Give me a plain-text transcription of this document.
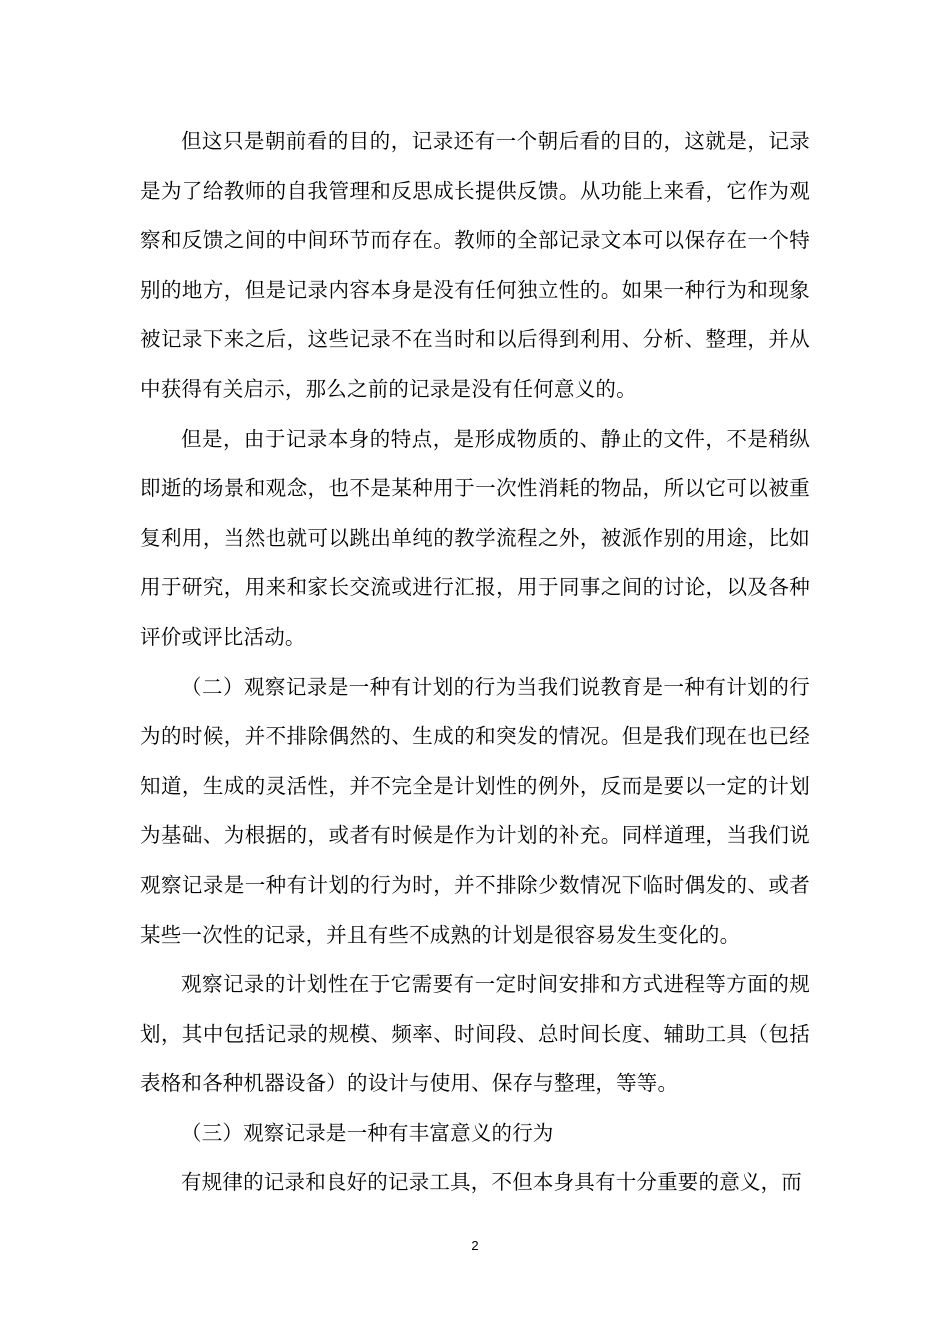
但这只是朝前看的目的，记录还有一个朝后看的目的，这就是，记录是为了给教师的自我管理和反思成长提供反馈。从功能上来看，它作为观察和反馈之间的中间环节而存在。教师的全部记录文本可以保存在一个特别的地方，但是记录内容本身是没有任何独立性的。如果一种行为和现象被记录下来之后，这些记录不在当时和以后得到利用、分析、整理，并从中获得有关启示，那么之前的记录是没有任何意义的。

但是，由于记录本身的特点，是形成物质的、静止的文件，不是稍纵即逝的场景和观念，也不是某种用于一次性消耗的物品，所以它可以被重复利用，当然也就可以跳出单纯的教学流程之外，被派作别的用途，比如用于研究，用来和家长交流或进行汇报，用于同事之间的讨论，以及各种评价或评比活动。

（二）观察记录是一种有计划的行为当我们说教育是一种有计划的行为的时候，并不排除偶然的、生成的和突发的情况。但是我们现在也已经知道，生成的灵活性，并不完全是计划性的例外，反而是要以一定的计划为基础、为根据的，或者有时候是作为计划的补充。同样道理，当我们说观察记录是一种有计划的行为时，并不排除少数情况下临时偶发的、或者某些一次性的记录，并且有些不成熟的计划是很容易发生变化的。

观察记录的计划性在于它需要有一定时间安排和方式进程等方面的规划，其中包括记录的规模、频率、时间段、总时间长度、辅助工具（包括表格和各种机器设备）的设计与使用、保存与整理，等等。

（三）观察记录是一种有丰富意义的行为

有规律的记录和良好的记录工具，不但本身具有十分重要的意义，而

2
